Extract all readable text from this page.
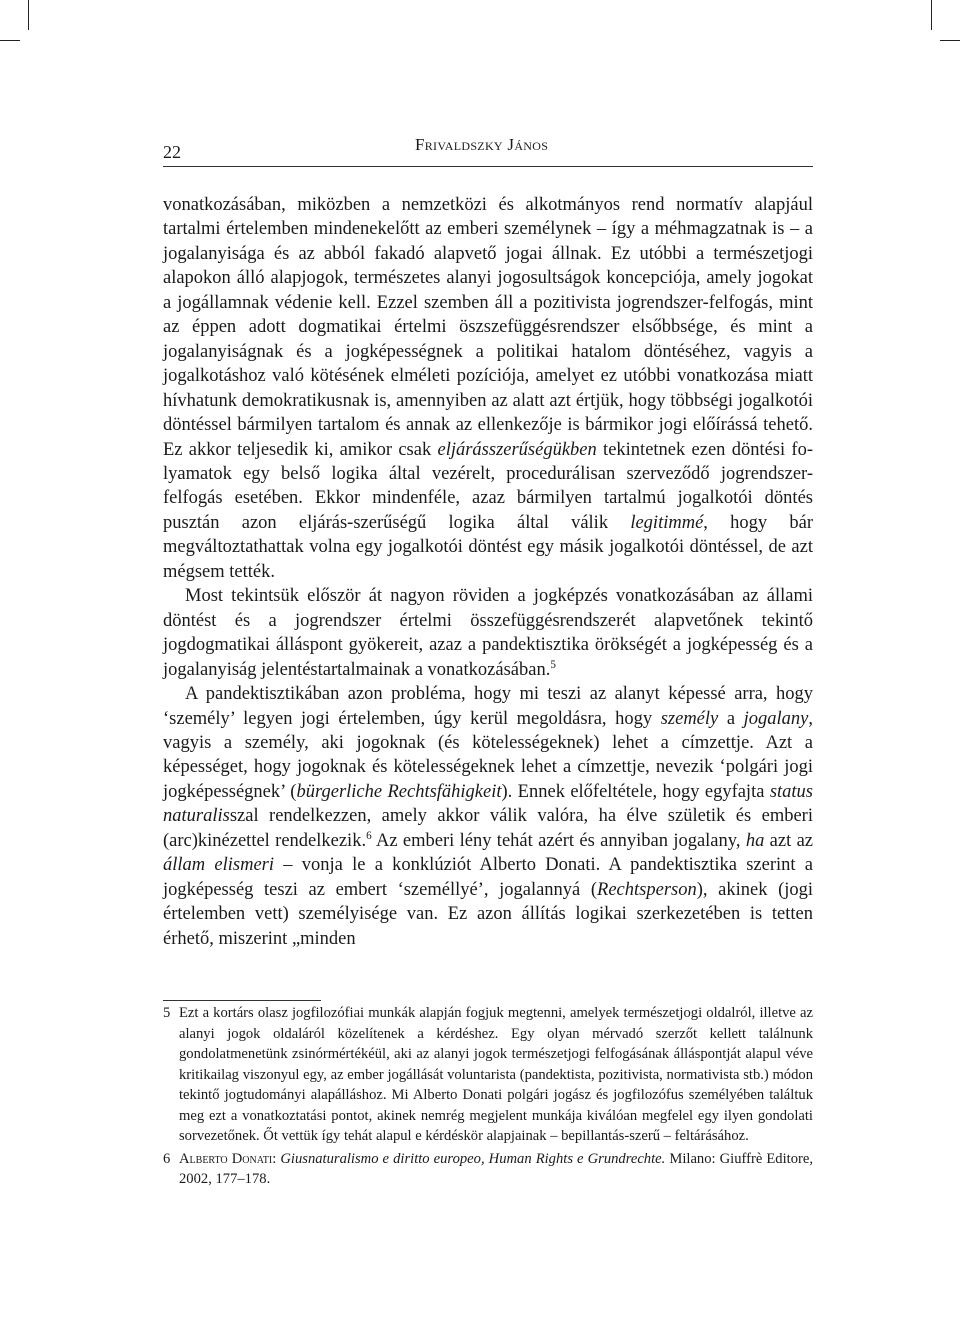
22	Frivaldszky János

vonatkozásában, miközben a nemzetközi és alkotmányos rend normatív alapjául tartalmi értelemben mindenekelőtt az emberi személynek – így a méhmagzatnak is – a jogalanyisága és az abból fakadó alapvető jogai állnak. Ez utóbbi a természetjogi alapokon álló alapjogok, természetes alanyi jogosultságok koncepciója, amely jogokat a jogállamnak védenie kell. Ezzel szemben áll a pozitivista jogrendszer-felfogás, mint az éppen adott dogmatikai értelmi öszszefüggésrendszer elsőbbsége, és mint a jogalanyiságnak és a jogképességnek a politikai hatalom döntéséhez, vagyis a jogalkotáshoz való kötésének elméleti pozíciója, amelyet ez utóbbi vonatkozása miatt hívhatunk demokratikusnak is, amennyiben az alatt azt értjük, hogy többségi jogalkotói döntéssel bármilyen tartalom és annak az ellenkezője is bármikor jogi előírássá tehető. Ez akkor teljesedik ki, amikor csak eljárásszerűségükben tekintetnek ezen döntési folyamatok egy belső logika által vezérelt, procedurálisan szerveződő jogrendszer-felfogás esetében. Ekkor mindenféle, azaz bármilyen tartalmú jogalkotói döntés pusztán azon eljárás-szerűségű logika által válik legitimmé, hogy bár megváltoztathattak volna egy jogalkotói döntést egy másik jogalkotói döntéssel, de azt mégsem tették.

Most tekintsük először át nagyon röviden a jogképzés vonatkozásában az állami döntést és a jogrendszer értelmi összefüggésrendszerét alapvetőnek tekintő jogdogmatikai álláspont gyökereit, azaz a pandektisztika örökségét a jogképesség és a jogalanyiság jelentéstartalmainak a vonatkozásában.$^5$

A pandektisztikában azon probléma, hogy mi teszi az alanyt képessé arra, hogy ‘személy’ legyen jogi értelemben, úgy kerül megoldásra, hogy személy a jogalany, vagyis a személy, aki jogoknak (és kötelességeknek) lehet a címzettje. Azt a képességet, hogy jogoknak és kötelességeknek lehet a címzettje, nevezik ‘polgári jogi jogképességnek’ (bürgerliche Rechtsfähigkeit). Ennek előfeltétele, hogy egyfajta status naturalisszal rendelkezzen, amely akkor válik valóra, ha élve születik és emberi (arc)kinézettel rendelkezik.$^6$ Az emberi lény tehát azért és annyiban jogalany, ha azt az állam elismeri – vonja le a konklúziót Alberto Donati. A pandektisztika szerint a jogképesség teszi az embert ‘személlyé’, jogalannyá (Rechtsperson), akinek (jogi értelemben vett) személyisége van. Ez azon állítás logikai szerkezetében is tetten érhető, miszerint „minden

5 Ezt a kortárs olasz jogfilozófiai munkák alapján fogjuk megtenni, amelyek természetjogi oldalról, illetve az alanyi jogok oldaláról közelítenek a kérdéshez. Egy olyan mérvadó szerzőt kellett találnunk gondolatmenetünk zsinórmértékéül, aki az alanyi jogok természetjogi felfogásának álláspontját alapul véve kritikailag viszonyul egy, az ember jogállását voluntarista (pandektista, pozitivista, normativista stb.) módon tekintő jogtudományi alapálláshoz. Mi Alberto Donati polgári jogász és jogfilozófus személyében találtuk meg ezt a vonatkoztatási pontot, akinek nemrég megjelent munkája kiválóan megfelel egy ilyen gondolati sorvezetőnek. Őt vettük így tehát alapul e kérdéskör alapjainak – bepillantás-szerű – feltárásához.

6 Alberto Donati: Giusnaturalismo e diritto europeo, Human Rights e Grundrechte. Milano: Giuffrè Editore, 2002, 177–178.
